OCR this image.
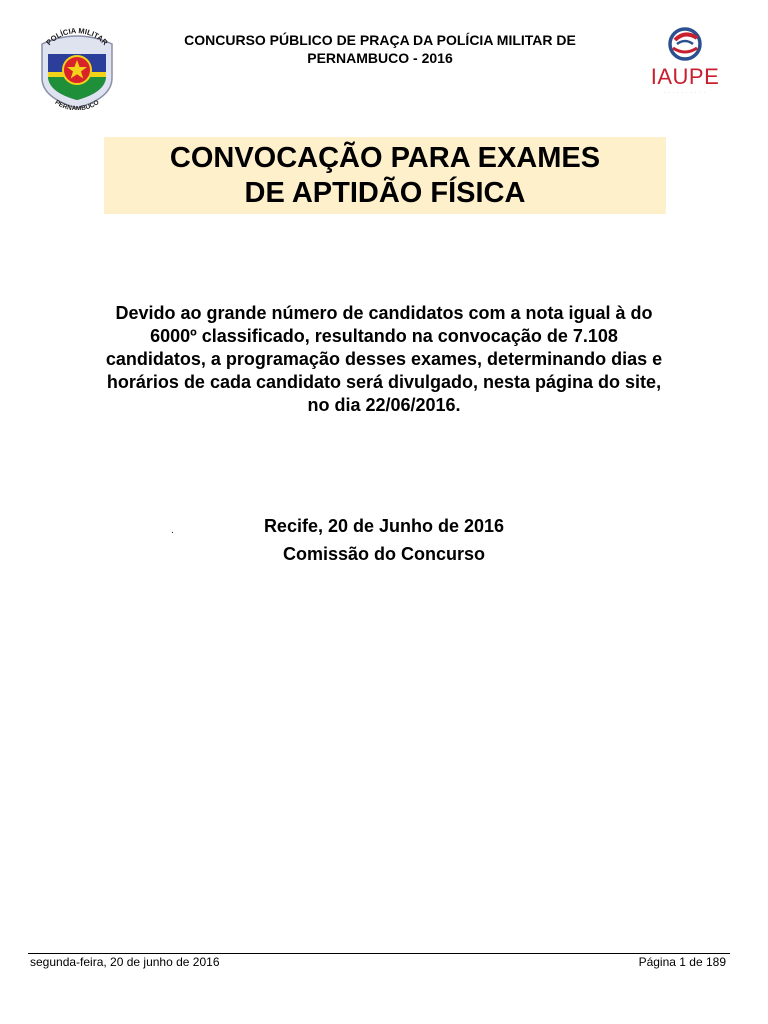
POLÍCIA MILITAR
PERNAMBUCO
CONCURSO PÚBLICO DE PRAÇA DA POLÍCIA MILITAR DE
PERNAMBUCO - 2016
IAUPE
· · · · · · · · · ·
CONVOCAÇÃO PARA EXAMES
DE APTIDÃO FÍSICA
Devido ao grande número de candidatos com a nota igual à do
6000º classificado, resultando na convocação de 7.108
candidatos, a programação desses exames, determinando dias e
horários de cada candidato será divulgado, nesta página do site,
no dia 22/06/2016.
.	Recife, 20 de Junho de 2016
Comissão do Concurso
segunda-feira, 20 de junho de 2016	Página 1 de 189
